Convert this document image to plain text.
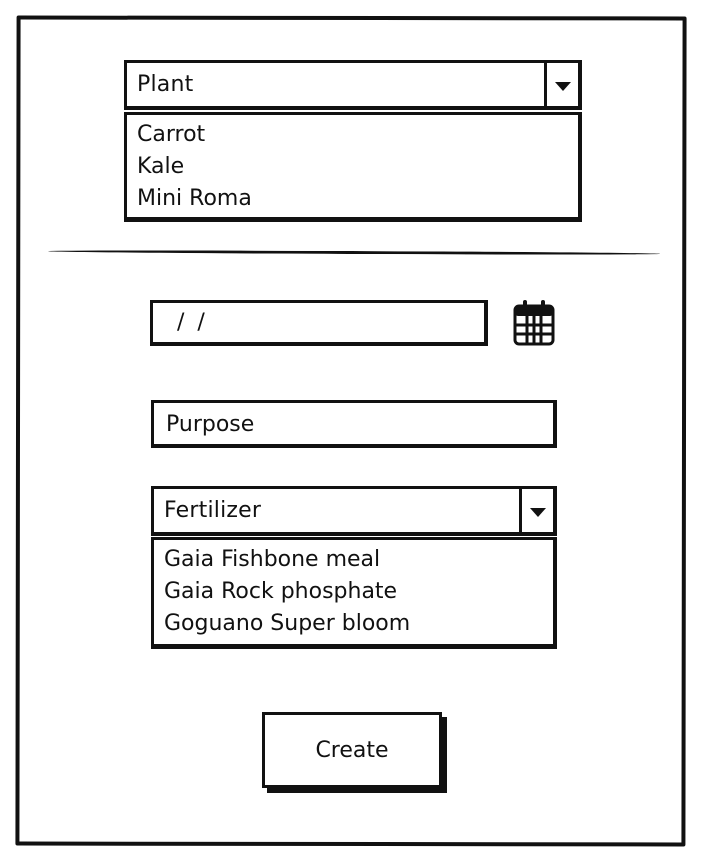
Plant
Carrot
Kale
Mini Roma
/ /
Purpose
Fertilizer
Gaia Fishbone meal
Gaia Rock phosphate
Goguano Super bloom
Create
